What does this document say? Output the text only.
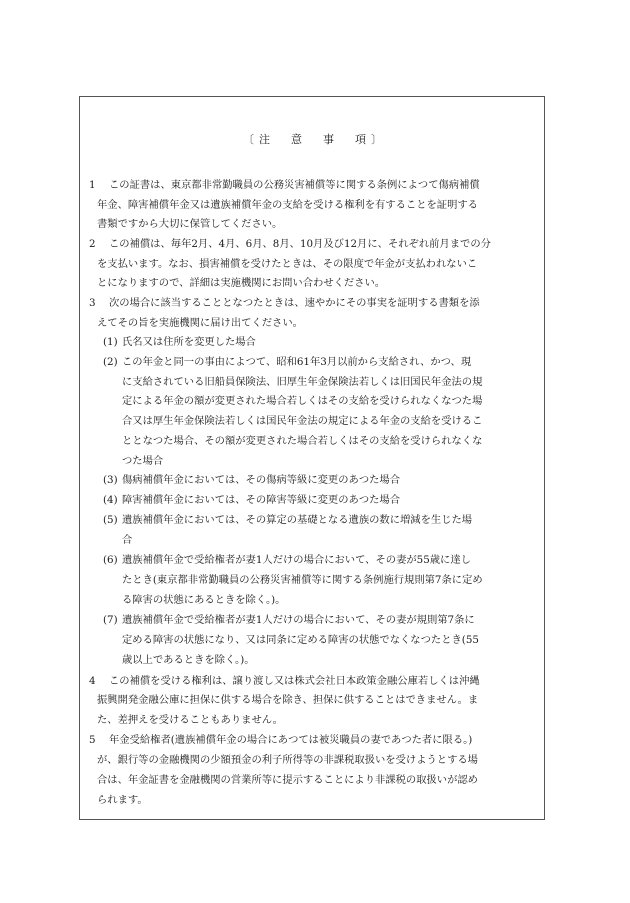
〔注　意　事　項〕
1 この証書は、東京都非常勤職員の公務災害補償等に関する条例によつて傷病補償
年金、障害補償年金又は遺族補償年金の支給を受ける権利を有することを証明する
書類ですから大切に保管してください。
2 この補償は、毎年2月、4月、6月、8月、10月及び12月に、それぞれ前月までの分
を支払います。なお、損害補償を受けたときは、その限度で年金が支払われないこ
とになりますので、詳細は実施機関にお問い合わせください。
3 次の場合に該当することとなつたときは、速やかにその事実を証明する書類を添
えてその旨を実施機関に届け出てください。
(1) 氏名又は住所を変更した場合
(2) この年金と同一の事由によつて、昭和61年3月以前から支給され、かつ、現
に支給されている旧船員保険法、旧厚生年金保険法若しくは旧国民年金法の規
定による年金の額が変更された場合若しくはその支給を受けられなくなつた場
合又は厚生年金保険法若しくは国民年金法の規定による年金の支給を受けるこ
ととなつた場合、その額が変更された場合若しくはその支給を受けられなくな
つた場合
(3) 傷病補償年金においては、その傷病等級に変更のあつた場合
(4) 障害補償年金においては、その障害等級に変更のあつた場合
(5) 遺族補償年金においては、その算定の基礎となる遺族の数に増減を生じた場
合
(6) 遺族補償年金で受給権者が妻1人だけの場合において、その妻が55歳に達し
たとき(東京都非常勤職員の公務災害補償等に関する条例施行規則第7条に定め
る障害の状態にあるときを除く。)。
(7) 遺族補償年金で受給権者が妻1人だけの場合において、その妻が規則第7条に
定める障害の状態になり、又は同条に定める障害の状態でなくなつたとき(55
歳以上であるときを除く。)。
4 この補償を受ける権利は、譲り渡し又は株式会社日本政策金融公庫若しくは沖縄
振興開発金融公庫に担保に供する場合を除き、担保に供することはできません。ま
た、差押えを受けることもありません。
5 年金受給権者(遺族補償年金の場合にあつては被災職員の妻であつた者に限る。)
が、銀行等の金融機関の少額預金の利子所得等の非課税取扱いを受けようとする場
合は、年金証書を金融機関の営業所等に提示することにより非課税の取扱いが認め
られます。
